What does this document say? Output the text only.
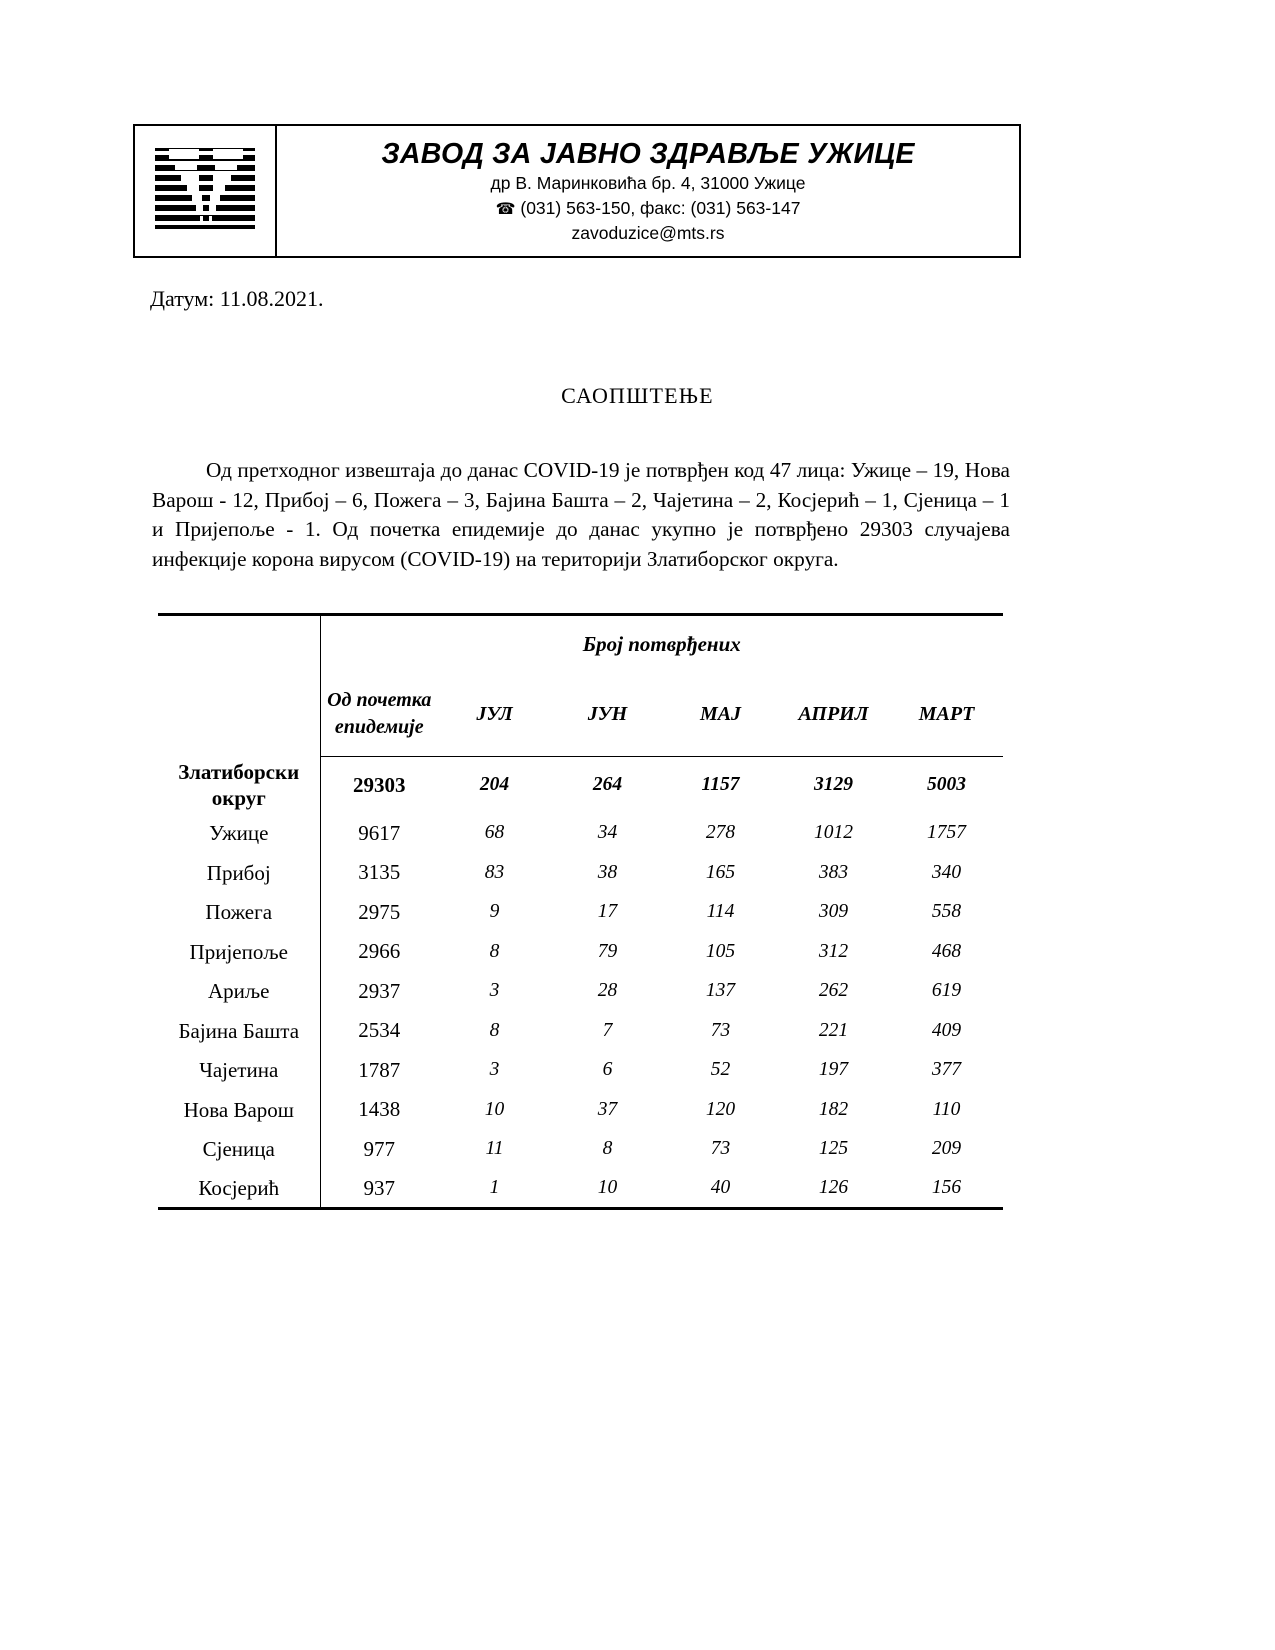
ЗАВОД ЗА ЈАВНО ЗДРАВЉЕ УЖИЦЕ
др В. Маринковића бр. 4, 31000 Ужице
☎ (031) 563-150, факс: (031) 563-147
zavoduzice@mts.rs
Датум: 11.08.2021.
САОПШТЕЊЕ
Од претходног извештаја до данас COVID-19 је потврђен код 47 лица: Ужице – 19, Нова Варош - 12, Прибој – 6, Пожега – 3, Бајина Башта – 2, Чајетина – 2, Косјерић – 1, Сјеница – 1 и Пријепоље - 1. Од почетка епидемије до данас укупно је потврђено 29303 случајева инфекције корона вирусом (COVID-19) на територији Златиборског округа.
	Број потврђених					
	Од почетка епидемије	ЈУЛ	ЈУН	МАЈ	АПРИЛ	МАРТ
Златиборски округ	29303	204	264	1157	3129	5003
Ужице	9617	68	34	278	1012	1757
Прибој	3135	83	38	165	383	340
Пожега	2975	9	17	114	309	558
Пријепоље	2966	8	79	105	312	468
Ариље	2937	3	28	137	262	619
Бајина Башта	2534	8	7	73	221	409
Чајетина	1787	3	6	52	197	377
Нова Варош	1438	10	37	120	182	110
Сјеница	977	11	8	73	125	209
Косјерић	937	1	10	40	126	156
